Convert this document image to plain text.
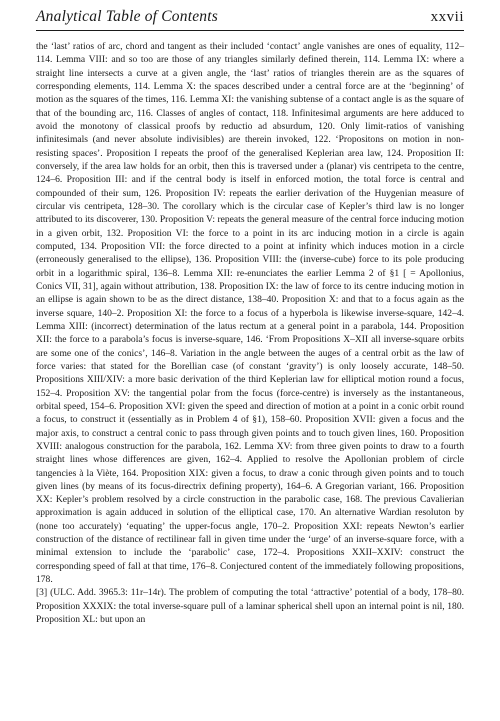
Analytical Table of Contents	xxvii

the ‘last’ ratios of arc, chord and tangent as their included ‘contact’ angle vanishes are ones of equality, 112–114. Lemma VIII: and so too are those of any triangles similarly defined therein, 114. Lemma IX: where a straight line intersects a curve at a given angle, the ‘last’ ratios of triangles therein are as the squares of corresponding elements, 114. Lemma X: the spaces described under a central force are at the ‘beginning’ of motion as the squares of the times, 116. Lemma XI: the vanishing subtense of a contact angle is as the square of that of the bounding arc, 116. Classes of angles of contact, 118. Infinitesimal arguments are here adduced to avoid the monotony of classical proofs by reductio ad absurdum, 120. Only limit-ratios of vanishing infinitesimals (and never absolute indivisibles) are therein invoked, 122. ‘Propositons on motion in non-resisting spaces’. Proposition I repeats the proof of the generalised Keplerian area law, 124. Proposition II: conversely, if the area law holds for an orbit, then this is traversed under a (planar) vis centripeta to the centre, 124–6. Proposition III: and if the central body is itself in enforced motion, the total force is central and compounded of their sum, 126. Proposition IV: repeats the earlier derivation of the Huygenian measure of circular vis centripeta, 128–30. The corollary which is the circular case of Kepler’s third law is no longer attributed to its discoverer, 130. Proposition V: repeats the general measure of the central force inducing motion in a given orbit, 132. Proposition VI: the force to a point in its arc inducing motion in a circle is again computed, 134. Proposition VII: the force directed to a point at infinity which induces motion in a circle (erroneously generalised to the ellipse), 136. Proposition VIII: the (inverse-cube) force to its pole producing orbit in a logarithmic spiral, 136–8. Lemma XII: re-enunciates the earlier Lemma 2 of §1 [ = Apollonius, Conics VII, 31], again without attribution, 138. Proposition IX: the law of force to its centre inducing motion in an ellipse is again shown to be as the direct distance, 138–40. Proposition X: and that to a focus again as the inverse square, 140–2. Proposition XI: the force to a focus of a hyperbola is likewise inverse-square, 142–4. Lemma XIII: (incorrect) determination of the latus rectum at a general point in a parabola, 144. Proposition XII: the force to a parabola’s focus is inverse-square, 146. ‘From Propositions X–XII all inverse-square orbits are some one of the conics’, 146–8. Variation in the angle between the auges of a central orbit as the law of force varies: that stated for the Borellian case (of constant ‘gravity’) is only loosely accurate, 148–50. Propositions XIII/XIV: a more basic derivation of the third Keplerian law for elliptical motion round a focus, 152–4. Proposition XV: the tangential polar from the focus (force-centre) is inversely as the instantaneous, orbital speed, 154–6. Proposition XVI: given the speed and direction of motion at a point in a conic orbit round a focus, to construct it (essentially as in Problem 4 of §1), 158–60. Proposition XVII: given a focus and the major axis, to construct a central conic to pass through given points and to touch given lines, 160. Proposition XVIII: analogous construction for the parabola, 162. Lemma XV: from three given points to draw to a fourth straight lines whose differences are given, 162–4. Applied to resolve the Apollonian problem of circle tangencies à la Viète, 164. Proposition XIX: given a focus, to draw a conic through given points and to touch given lines (by means of its focus-directrix defining property), 164–6. A Gregorian variant, 166. Proposition XX: Kepler’s problem resolved by a circle construction in the parabolic case, 168. The previous Cavalierian approximation is again adduced in solution of the elliptical case, 170. An alternative Wardian resoluton by (none too accurately) ‘equating’ the upper-focus angle, 170–2. Proposition XXI: repeats Newton’s earlier construction of the distance of rectilinear fall in given time under the ‘urge’ of an inverse-square force, with a minimal extension to include the ‘parabolic’ case, 172–4. Propositions XXII–XXIV: construct the corresponding speed of fall at that time, 176–8. Conjectured content of the immediately following propositions, 178.

[3] (ULC. Add. 3965.3: 11r–14r). The problem of computing the total ‘attractive’ potential of a body, 178–80. Proposition XXXIX: the total inverse-square pull of a laminar spherical shell upon an internal point is nil, 180. Proposition XL: but upon an
